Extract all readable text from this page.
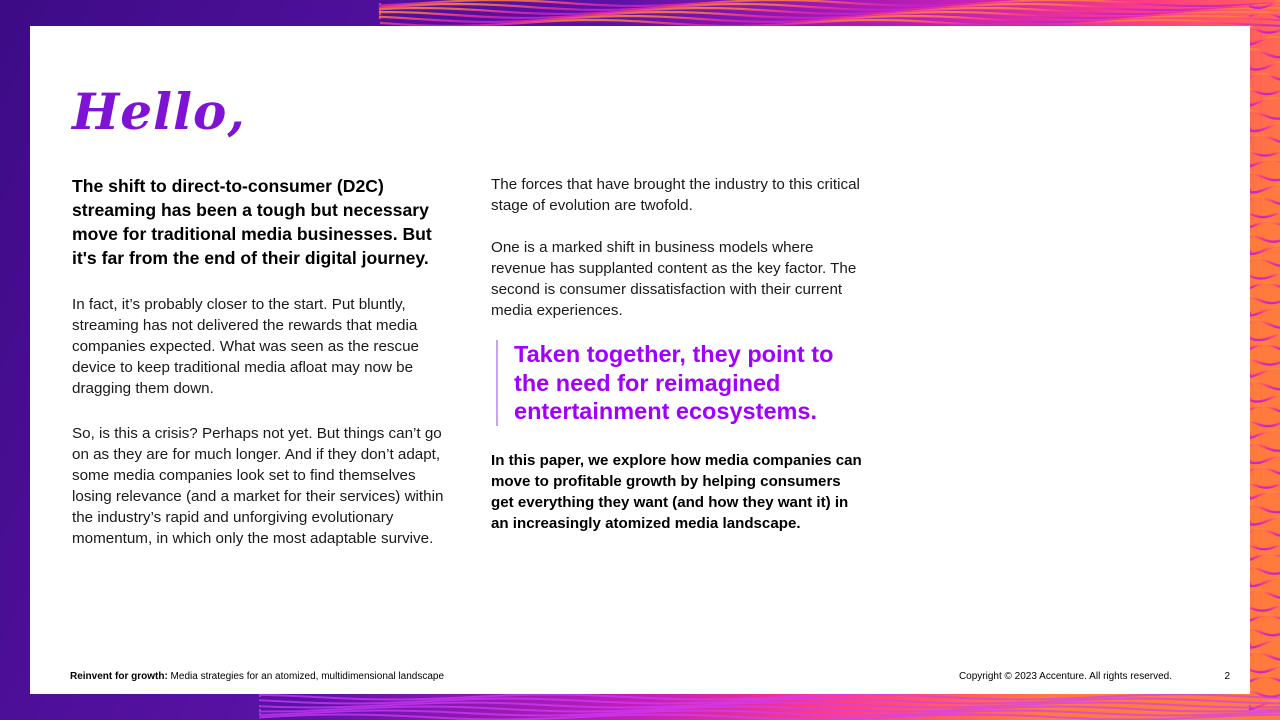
Hello,

The shift to direct-to-consumer (D2C) streaming has been a tough but necessary move for traditional media businesses. But it's far from the end of their digital journey.

In fact, it’s probably closer to the start. Put bluntly, streaming has not delivered the rewards that media companies expected. What was seen as the rescue device to keep traditional media afloat may now be dragging them down.

So, is this a crisis? Perhaps not yet. But things can’t go on as they are for much longer. And if they don’t adapt, some media companies look set to find themselves losing relevance (and a market for their services) within the industry’s rapid and unforgiving evolutionary momentum, in which only the most adaptable survive.

The forces that have brought the industry to this critical stage of evolution are twofold.

One is a marked shift in business models where revenue has supplanted content as the key factor. The second is consumer dissatisfaction with their current media experiences.

Taken together, they point to the need for reimagined entertainment ecosystems.

In this paper, we explore how media companies can move to profitable growth by helping consumers get everything they want (and how they want it) in an increasingly atomized media landscape.

Reinvent for growth: Media strategies for an atomized, multidimensional landscape	Copyright © 2023 Accenture. All rights reserved.	2
